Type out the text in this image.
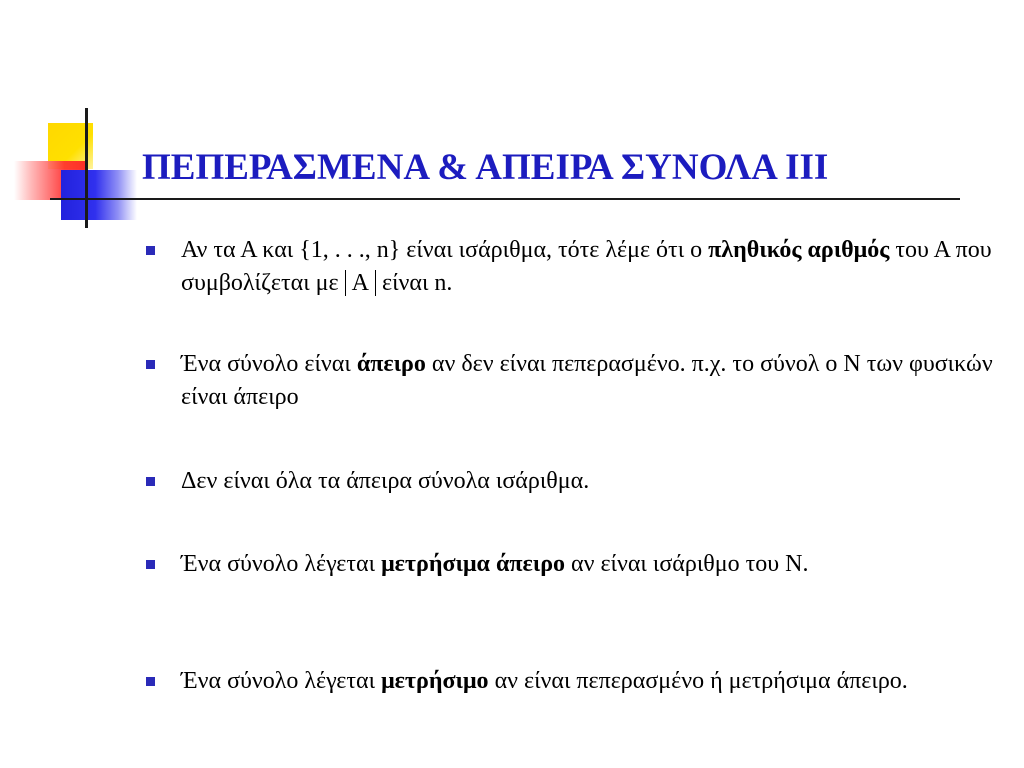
ΠΕΠΕΡΑΣΜΕΝΑ & ΑΠΕΙΡΑ ΣΥΝΟΛΑ ΙΙΙ
Αν τα Α και {1, . . ., n} είναι ισάριθμα, τότε λέμε ότι ο πληθικός αριθμός του Α που συμβολίζεται με Α είναι n.
Ένα σύνολο είναι άπειρο αν δεν είναι πεπερασμένο. π.χ. το σύνολ ο Ν των φυσικών είναι άπειρο
Δεν είναι όλα τα άπειρα σύνολα ισάριθμα.
Ένα σύνολο λέγεται μετρήσιμα άπειρο αν είναι ισάριθμο του Ν.
Ένα σύνολο λέγεται μετρήσιμο αν είναι πεπερασμένο ή μετρήσιμα άπειρο.
